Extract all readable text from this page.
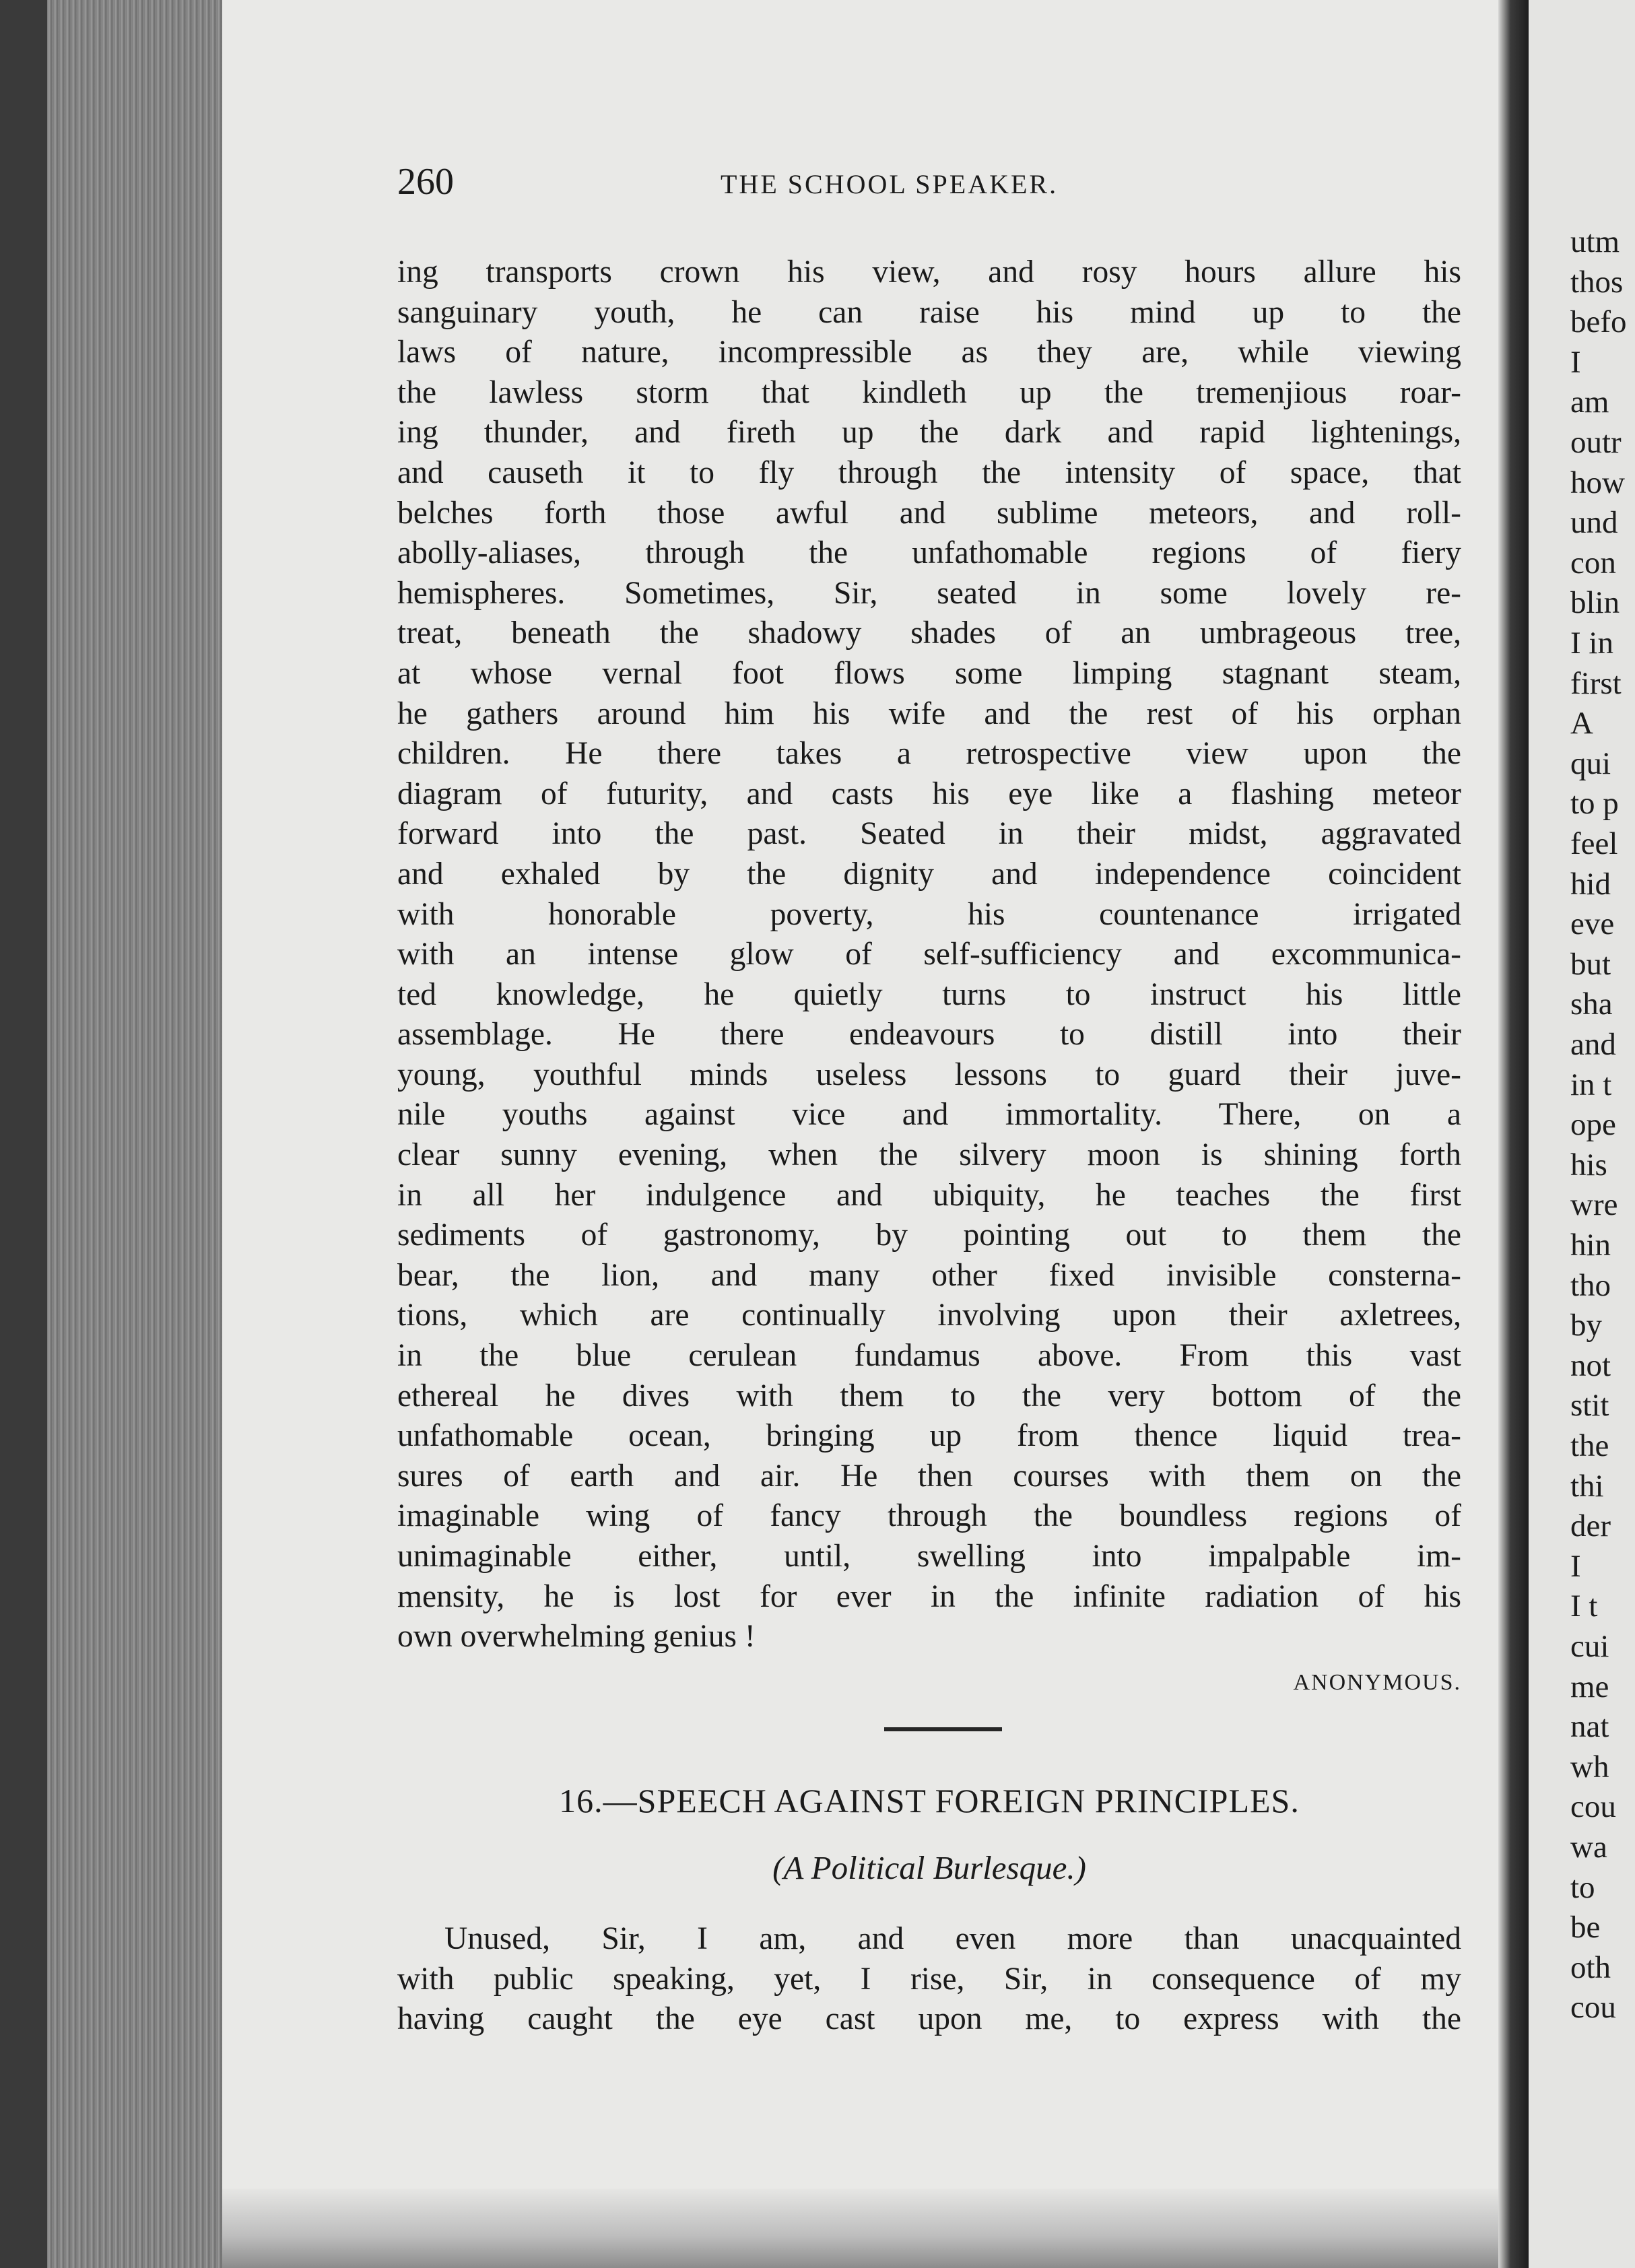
utm
thos
befo
I
am
outr
how
und
con
blin
I in
first
A
qui
to p
feel
hid
eve
but
sha
and
in t
ope
his
wre
hin
tho
by
not
stit
the
thi
der
I
I t
cui
me
nat
wh
cou
wa
to
be
oth
cou
260	THE SCHOOL SPEAKER.
ing transports crown his view, and rosy hours allure his
sanguinary youth, he can raise his mind up to the
laws of nature, incompressible as they are, while viewing
the lawless storm that kindleth up the tremenjious roar-
ing thunder, and fireth up the dark and rapid lightenings,
and causeth it to fly through the intensity of space, that
belches forth those awful and sublime meteors, and roll-
abolly-aliases, through the unfathomable regions of fiery
hemispheres. Sometimes, Sir, seated in some lovely re-
treat, beneath the shadowy shades of an umbrageous tree,
at whose vernal foot flows some limping stagnant steam,
he gathers around him his wife and the rest of his orphan
children. He there takes a retrospective view upon the
diagram of futurity, and casts his eye like a flashing meteor
forward into the past. Seated in their midst, aggravated
and exhaled by the dignity and independence coincident
with honorable poverty, his countenance irrigated
with an intense glow of self-sufficiency and excommunica-
ted knowledge, he quietly turns to instruct his little
assemblage. He there endeavours to distill into their
young, youthful minds useless lessons to guard their juve-
nile youths against vice and immortality. There, on a
clear sunny evening, when the silvery moon is shining forth
in all her indulgence and ubiquity, he teaches the first
sediments of gastronomy, by pointing out to them the
bear, the lion, and many other fixed invisible consterna-
tions, which are continually involving upon their axletrees,
in the blue cerulean fundamus above. From this vast
ethereal he dives with them to the very bottom of the
unfathomable ocean, bringing up from thence liquid trea-
sures of earth and air. He then courses with them on the
imaginable wing of fancy through the boundless regions of
unimaginable either, until, swelling into impalpable im-
mensity, he is lost for ever in the infinite radiation of his
own overwhelming genius !
ANONYMOUS.
16.—SPEECH AGAINST FOREIGN PRINCIPLES.
(A Political Burlesque.)
Unused, Sir, I am, and even more than unacquainted
with public speaking, yet, I rise, Sir, in consequence of my
having caught the eye cast upon me, to express with the
